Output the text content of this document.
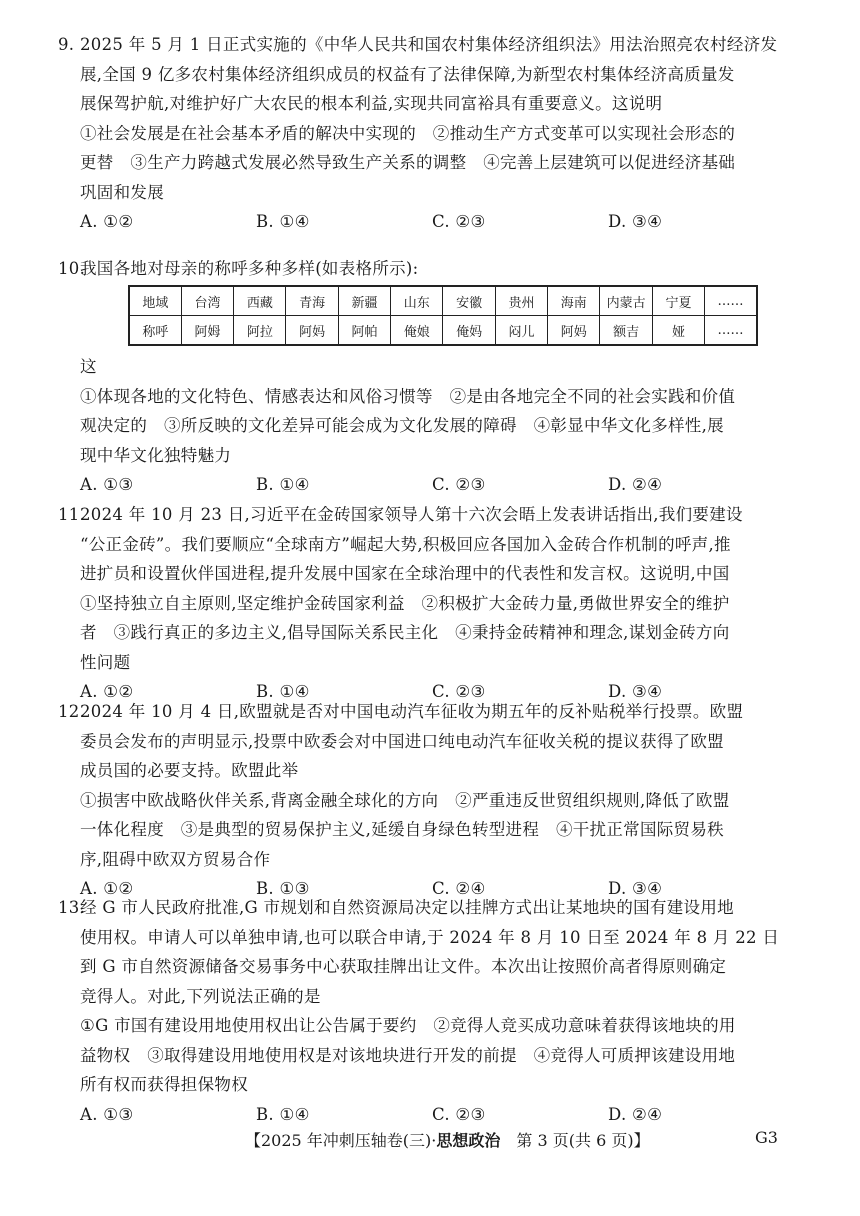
9. 2025 年 5 月 1 日正式实施的《中华人民共和国农村集体经济组织法》用法治照亮农村经济发

展,全国 9 亿多农村集体经济组织成员的权益有了法律保障,为新型农村集体经济高质量发

展保驾护航,对维护好广大农民的根本利益,实现共同富裕具有重要意义。这说明

①社会发展是在社会基本矛盾的解决中实现的　②推动生产方式变革可以实现社会形态的

更替　③生产力跨越式发展必然导致生产关系的调整　④完善上层建筑可以促进经济基础

巩固和发展

A. ①②	B. ①④	C. ②③	D. ③④
10.

我国各地对母亲的称呼多种多样(如表格所示):

地域	台湾	西藏	青海	新疆	山东	安徽	贵州	海南	内蒙古	宁夏	……
称呼	阿姆	阿拉	阿妈	阿帕	俺娘	俺妈	闷儿	阿妈	额吉	娅	……

这

①体现各地的文化特色、情感表达和风俗习惯等　②是由各地完全不同的社会实践和价值

观决定的　③所反映的文化差异可能会成为文化发展的障碍　④彰显中华文化多样性,展

现中华文化独特魅力

A. ①③	B. ①④	C. ②③	D. ②④
11.

2024 年 10 月 23 日,习近平在金砖国家领导人第十六次会晤上发表讲话指出,我们要建设

“公正金砖”。我们要顺应“全球南方”崛起大势,积极回应各国加入金砖合作机制的呼声,推

进扩员和设置伙伴国进程,提升发展中国家在全球治理中的代表性和发言权。这说明,中国

①坚持独立自主原则,坚定维护金砖国家利益　②积极扩大金砖力量,勇做世界安全的维护

者　③践行真正的多边主义,倡导国际关系民主化　④秉持金砖精神和理念,谋划金砖方向

性问题

A. ①②	B. ①④	C. ②③	D. ③④
12.

2024 年 10 月 4 日,欧盟就是否对中国电动汽车征收为期五年的反补贴税举行投票。欧盟

委员会发布的声明显示,投票中欧委会对中国进口纯电动汽车征收关税的提议获得了欧盟

成员国的必要支持。欧盟此举

①损害中欧战略伙伴关系,背离金融全球化的方向　②严重违反世贸组织规则,降低了欧盟

一体化程度　③是典型的贸易保护主义,延缓自身绿色转型进程　④干扰正常国际贸易秩

序,阻碍中欧双方贸易合作

A. ①②	B. ①③	C. ②④	D. ③④
13.

经 G 市人民政府批准,G 市规划和自然资源局决定以挂牌方式出让某地块的国有建设用地

使用权。申请人可以单独申请,也可以联合申请,于 2024 年 8 月 10 日至 2024 年 8 月 22 日

到 G 市自然资源储备交易事务中心获取挂牌出让文件。本次出让按照价高者得原则确定

竞得人。对此,下列说法正确的是

①G 市国有建设用地使用权出让公告属于要约　②竞得人竞买成功意味着获得该地块的用

益物权　③取得建设用地使用权是对该地块进行开发的前提　④竞得人可质押该建设用地

所有权而获得担保物权

A. ①③	B. ①④	C. ②③	D. ②④
【2025 年冲刺压轴卷(三)·思想政治　第 3 页(共 6 页)】	G3
